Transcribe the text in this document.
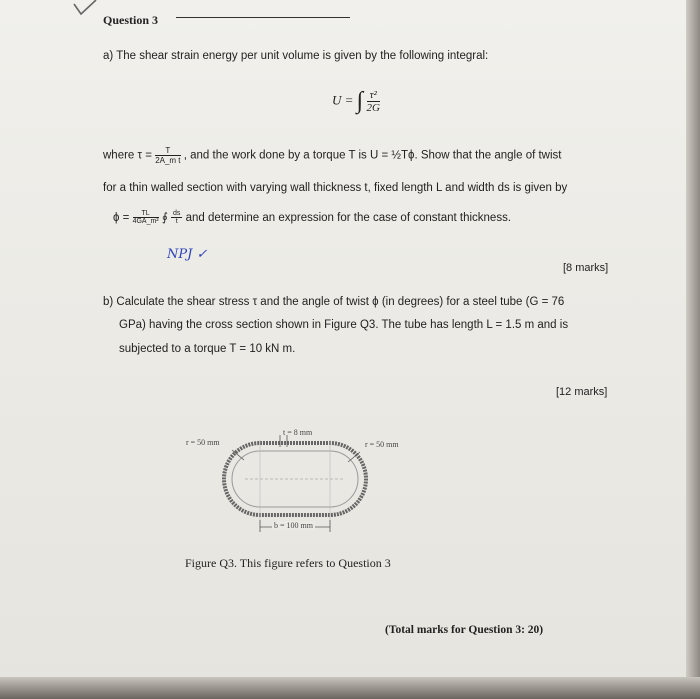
Question 3
a) The shear strain energy per unit volume is given by the following integral:
U = ∫ $\frac{\text{τ²}}{2G}$
where $\tau = \frac{T}{\text{2A\_m t}}$ , and the work done by a torque T is U = ½Tϕ. Show that the angle of twist
for a thin walled section with varying wall thickness t, fixed length L and width ds is given by
$\phi = \frac{TL}{\text{4GA\_m²}}$ ∮ $\frac{ds}{t}$ and determine an expression for the case of constant thickness.
NPJ ✓
[8 marks]
b) Calculate the shear stress τ and the angle of twist ϕ (in degrees) for a steel tube (G = 76
GPa) having the cross section shown in Figure Q3. The tube has length L = 1.5 m and is
subjected to a torque T = 10 kN m.
[12 marks]
r = 50 mm
t = 8 mm
r = 50 mm
b = 100 mm
Figure Q3. This figure refers to Question 3
(Total marks for Question 3: 20)
